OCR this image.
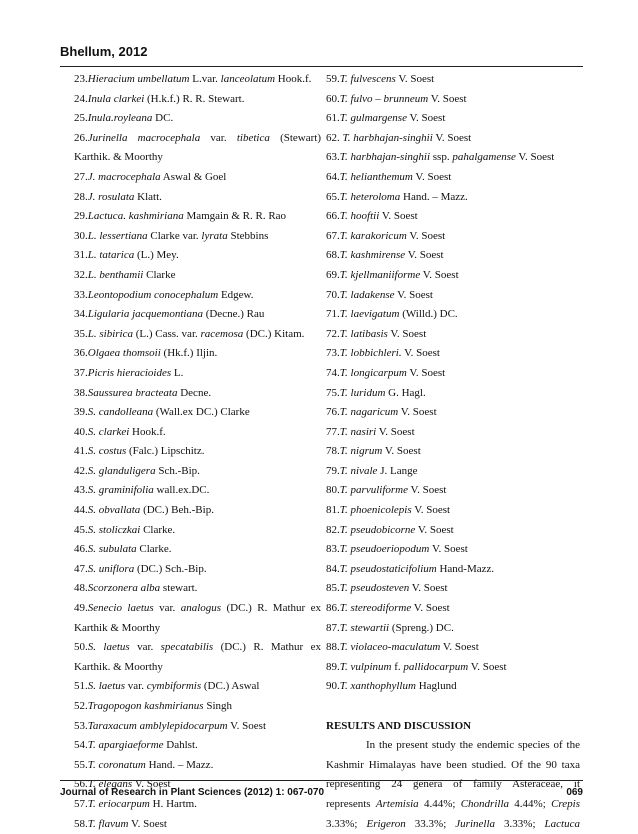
Bhellum, 2012
23.Hieracium umbellatum L.var. lanceolatum Hook.f.
24.Inula clarkei (H.k.f.) R. R. Stewart.
25.Inula.royleana DC.
26.Jurinella macrocephala var. tibetica (Stewart)
Karthik. & Moorthy
27.J. macrocephala Aswal & Goel
28.J. rosulata Klatt.
29.Lactuca. kashmiriana Mamgain & R. R. Rao
30.L. lessertiana Clarke var. lyrata Stebbins
31.L. tatarica (L.) Mey.
32.L. benthamii Clarke
33.Leontopodium conocephalum Edgew.
34.Ligularia jacquemontiana (Decne.) Rau
35.L. sibirica (L.) Cass. var. racemosa (DC.) Kitam.
36.Olgaea thomsoii (Hk.f.) Iljin.
37.Picris hieracioides L.
38.Saussurea bracteata Decne.
39.S. candolleana (Wall.ex DC.) Clarke
40.S. clarkei Hook.f.
41.S. costus (Falc.) Lipschitz.
42.S. glanduligera Sch.-Bip.
43.S. graminifolia wall.ex.DC.
44.S. obvallata (DC.) Beh.-Bip.
45.S. stoliczkai Clarke.
46.S. subulata Clarke.
47.S. uniflora (DC.) Sch.-Bip.
48.Scorzonera alba stewart.
49.Senecio laetus var. analogus (DC.) R. Mathur ex
Karthik & Moorthy
50.S. laetus var. specatabilis (DC.) R. Mathur ex
Karthik. & Moorthy
51.S. laetus var. cymbiformis (DC.) Aswal
52.Tragopogon kashmirianus Singh
53.Taraxacum amblylepidocarpum V. Soest
54.T. apargiaeforme Dahlst.
55.T. coronatum Hand. – Mazz.
56.T. elegans V. Soest
57.T. eriocarpum H. Hartm.
58.T. flavum V. Soest
59.T. fulvescens V. Soest
60.T. fulvo – brunneum V. Soest
61.T. gulmargense V. Soest
62. T. harbhajan-singhii V. Soest
63.T. harbhajan-singhii ssp. pahalgamense V. Soest
64.T. helianthemum V. Soest
65.T. heteroloma Hand. – Mazz.
66.T. hooftii V. Soest
67.T. karakoricum V. Soest
68.T. kashmirense V. Soest
69.T. kjellmaniiforme V. Soest
70.T. ladakense V. Soest
71.T. laevigatum (Willd.) DC.
72.T. latibasis V. Soest
73.T. lobbichleri. V. Soest
74.T. longicarpum V. Soest
75.T. luridum G. Hagl.
76.T. nagaricum V. Soest
77.T. nasiri V. Soest
78.T. nigrum V. Soest
79.T. nivale J. Lange
80.T. parvuliforme V. Soest
81.T. phoenicolepis V. Soest
82.T. pseudobicorne V. Soest
83.T. pseudoeriopodum V. Soest
84.T. pseudostaticifolium Hand-Mazz.
85.T. pseudosteven V. Soest
86.T. stereodiforme V. Soest
87.T. stewartii (Spreng.) DC.
88.T. violaceo-maculatum V. Soest
89.T. vulpinum f. pallidocarpum V. Soest
90.T. xanthophyllum Haglund
RESULTS AND DISCUSSION
In the present study the endemic species of the
Kashmir Himalayas have been studied. Of the 90 taxa
representing 24 genera of family Asteraceae, it
represents Artemisia 4.44%; Chondrilla 4.44%; Crepis
3.33%; Erigeron 33.3%; Jurinella 3.33%; Lactuca
Journal of Research in Plant Sciences (2012) 1: 067-070	069
